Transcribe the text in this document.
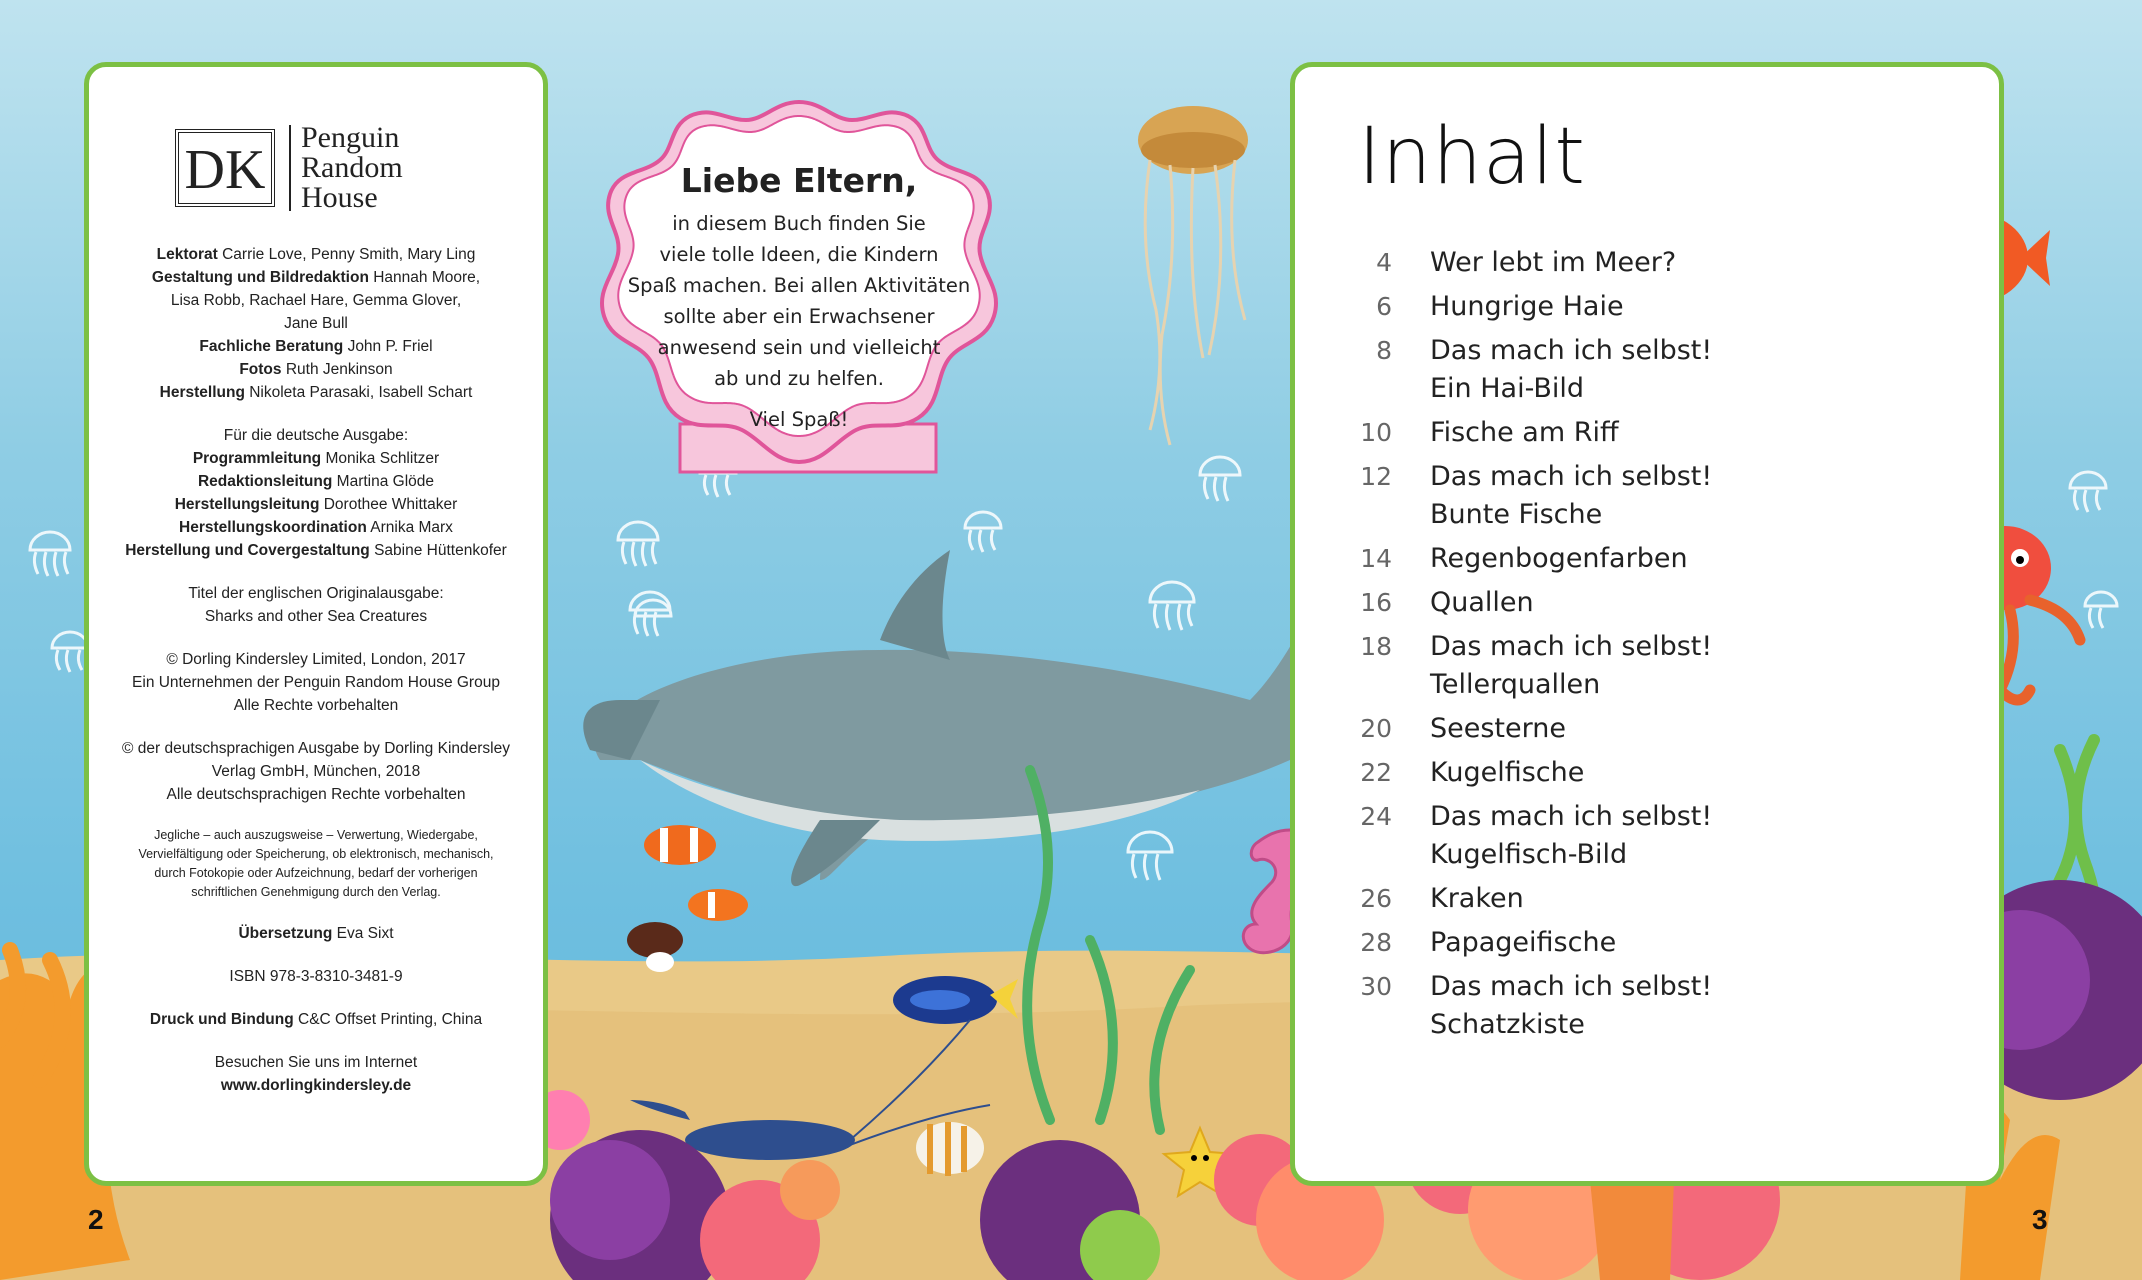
DK
Penguin
Random
House
Lektorat Carrie Love, Penny Smith, Mary Ling
Gestaltung und Bildredaktion Hannah Moore,
Lisa Robb, Rachael Hare, Gemma Glover,
Jane Bull
Fachliche Beratung John P. Friel
Fotos Ruth Jenkinson
Herstellung Nikoleta Parasaki, Isabell Schart
Für die deutsche Ausgabe:
Programmleitung Monika Schlitzer
Redaktionsleitung Martina Glöde
Herstellungsleitung Dorothee Whittaker
Herstellungskoordination Arnika Marx
Herstellung und Covergestaltung Sabine Hüttenkofer
Titel der englischen Originalausgabe:
Sharks and other Sea Creatures
© Dorling Kindersley Limited, London, 2017
Ein Unternehmen der Penguin Random House Group
Alle Rechte vorbehalten
© der deutschsprachigen Ausgabe by Dorling Kindersley
Verlag GmbH, München, 2018
Alle deutschsprachigen Rechte vorbehalten
Jegliche – auch auszugsweise – Verwertung, Wiedergabe,
Vervielfältigung oder Speicherung, ob elektronisch, mechanisch,
durch Fotokopie oder Aufzeichnung, bedarf der vorherigen
schriftlichen Genehmigung durch den Verlag.
Übersetzung Eva Sixt
ISBN 978-3-8310-3481-9
Druck und Bindung C&C Offset Printing, China
Besuchen Sie uns im Internet
www.dorlingkindersley.de
Liebe Eltern,
in diesem Buch finden Sie
viele tolle Ideen, die Kindern
Spaß machen. Bei allen Aktivitäten
sollte aber ein Erwachsener
anwesend sein und vielleicht
ab und zu helfen.
Viel Spaß!
Inhalt
4 Wer lebt im Meer?
6 Hungrige Haie
8 Das mach ich selbst!
Ein Hai-Bild
10 Fische am Riff
12 Das mach ich selbst!
Bunte Fische
14 Regenbogenfarben
16 Quallen
18 Das mach ich selbst!
Tellerquallen
20 Seesterne
22 Kugelfische
24 Das mach ich selbst!
Kugelfisch-Bild
26 Kraken
28 Papageifische
30 Das mach ich selbst!
Schatzkiste
2	3
